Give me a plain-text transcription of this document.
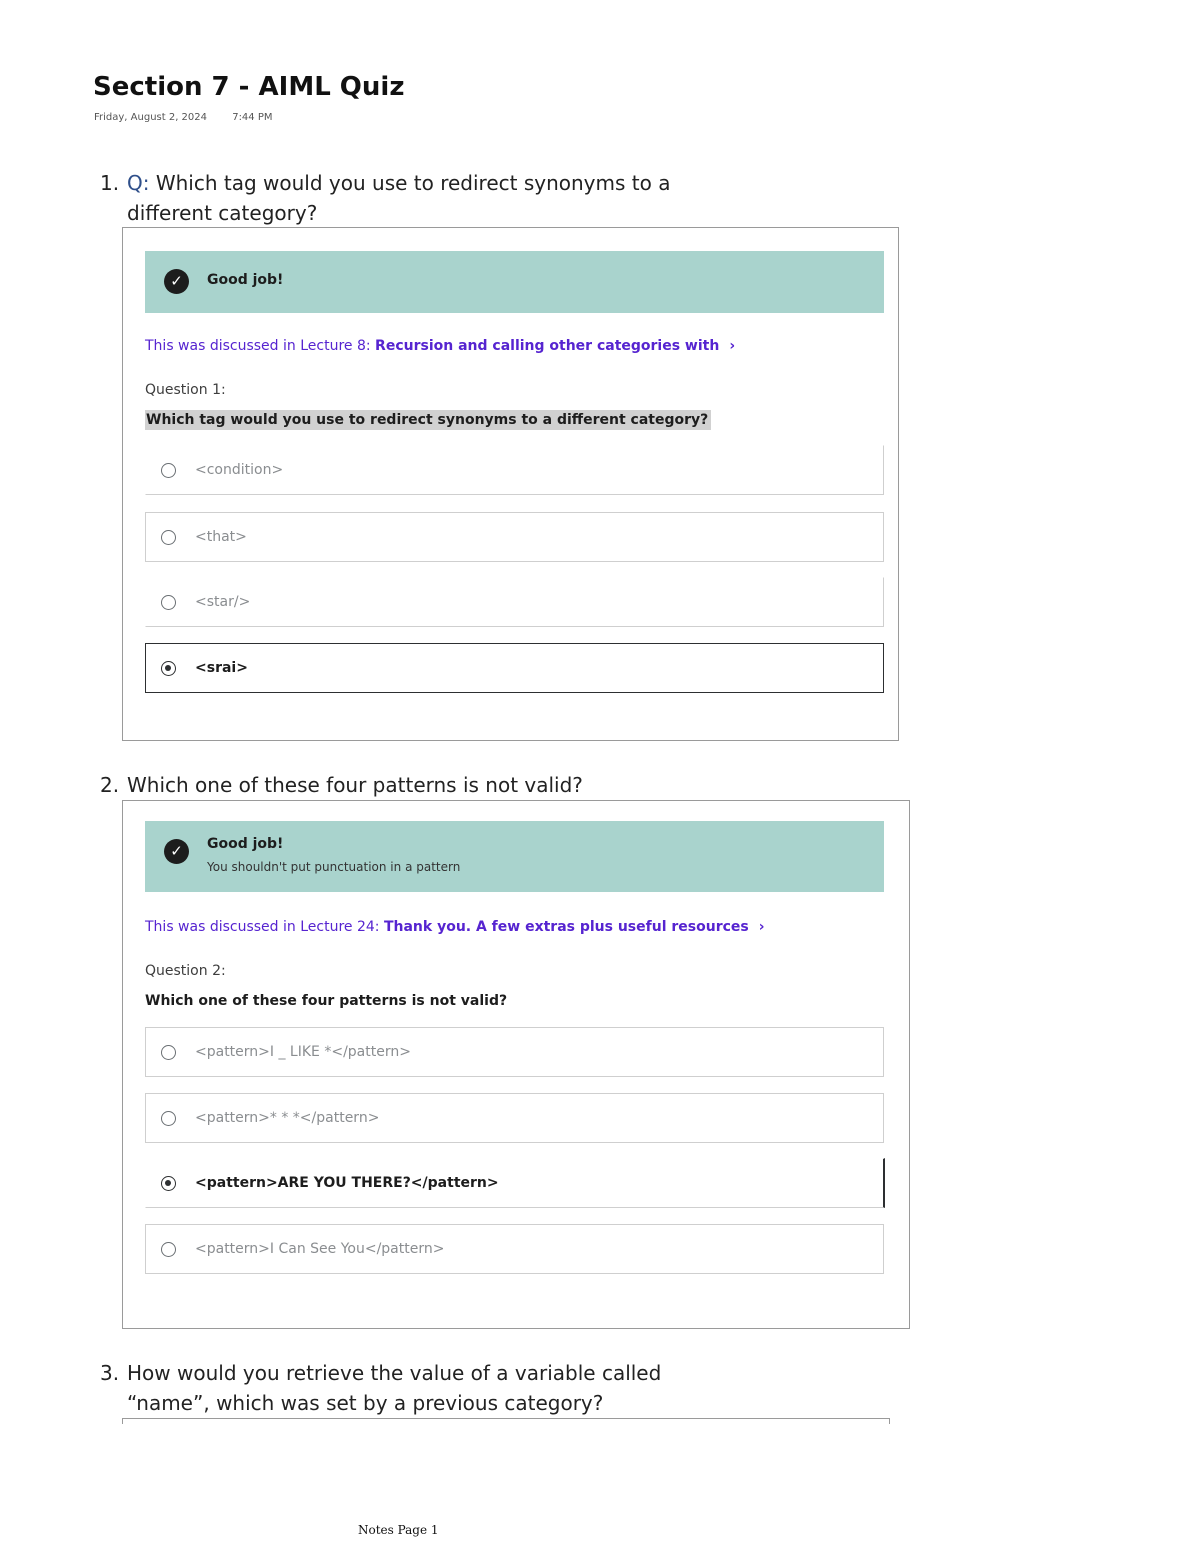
Section 7 - AIML Quiz
Friday, August 2, 2024	7:44 PM
1. Q: Which tag would you use to redirect synonyms to a different category?
✓	Good job!
This was discussed in Lecture 8: Recursion and calling other categories with ›
Question 1:
Which tag would you use to redirect synonyms to a different category?
<condition>
<that>
<star/>
<srai>
2. Which one of these four patterns is not valid?
✓	Good job!
You shouldn't put punctuation in a pattern
This was discussed in Lecture 24: Thank you. A few extras plus useful resources ›
Question 2:
Which one of these four patterns is not valid?
<pattern>I _ LIKE *</pattern>
<pattern>* * *</pattern>
<pattern>ARE YOU THERE?</pattern>
<pattern>I Can See You</pattern>
3. How would you retrieve the value of a variable called “name”, which was set by a previous category?
Notes Page 1
